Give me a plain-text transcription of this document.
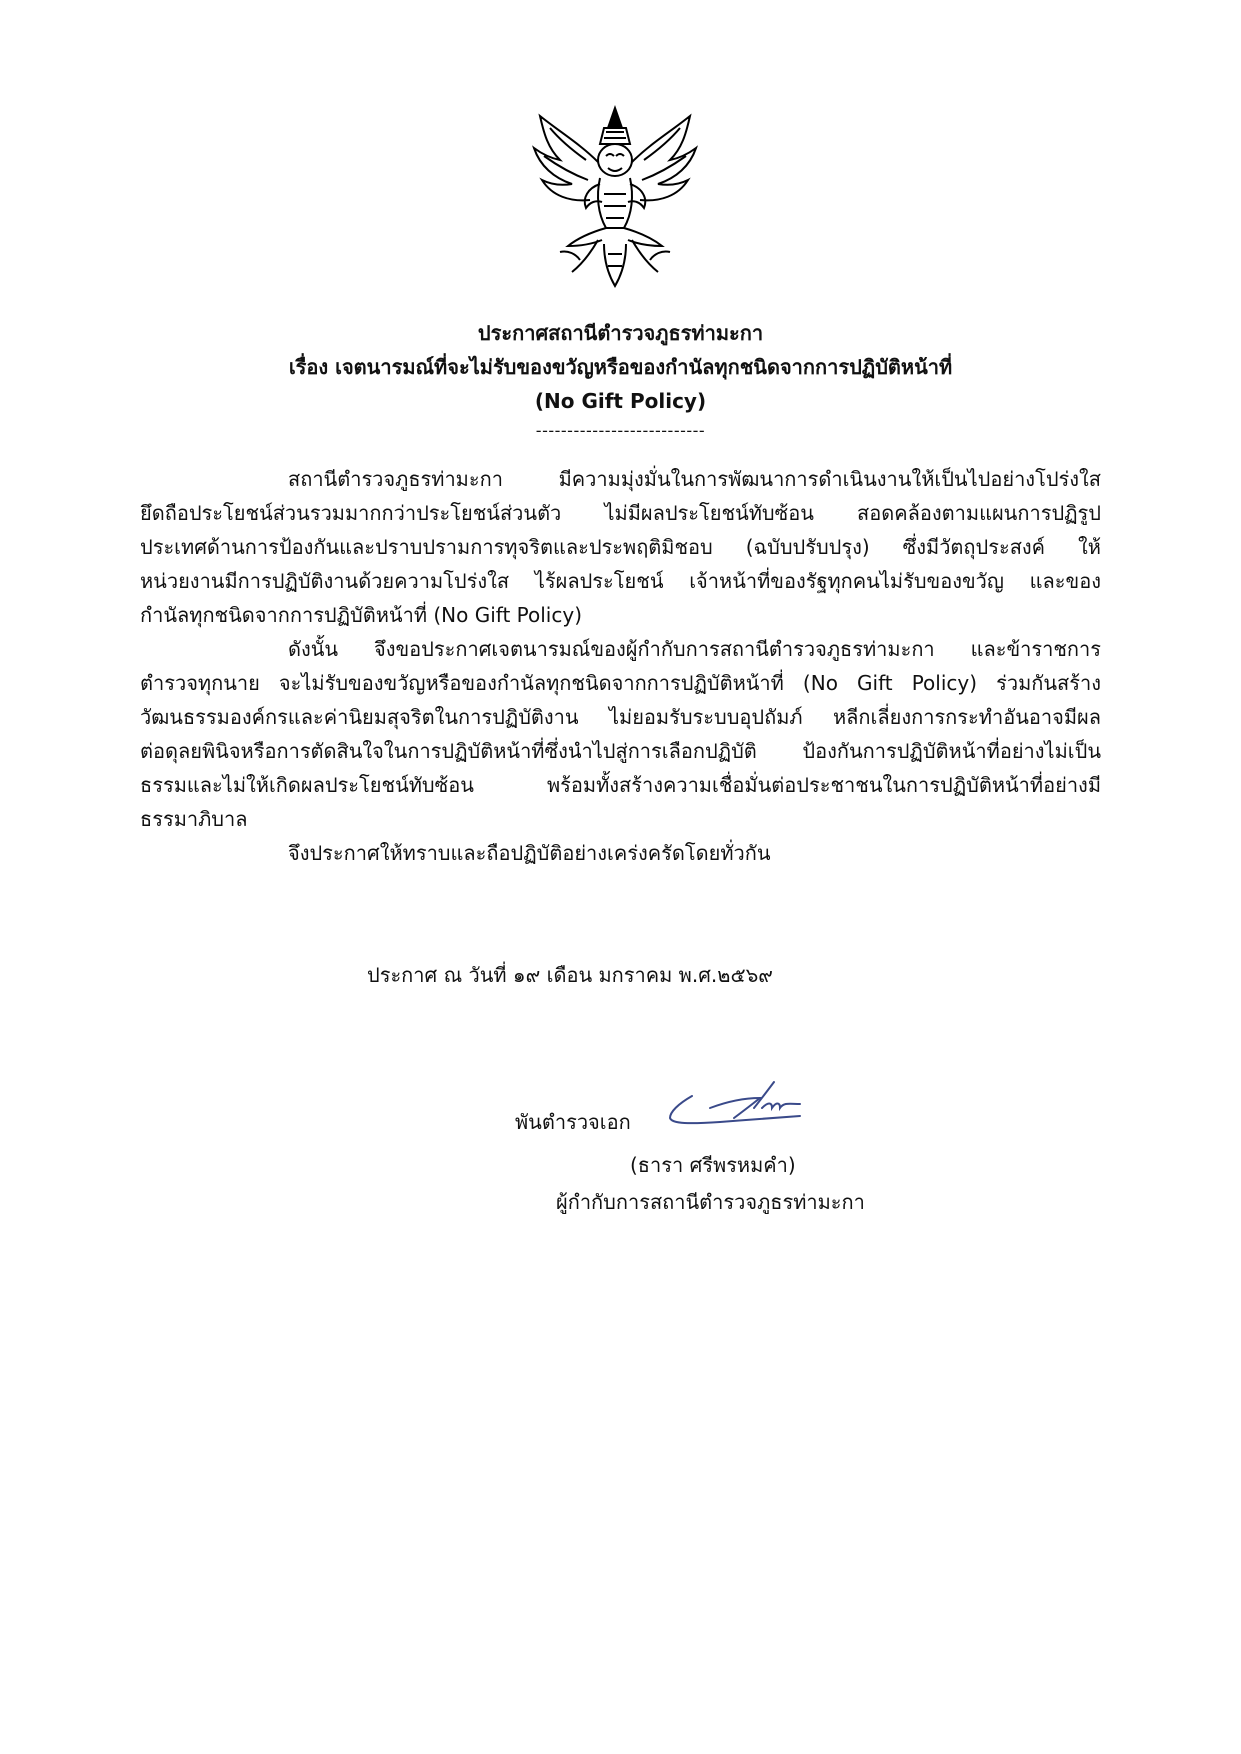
ประกาศสถานีตำรวจภูธรท่ามะกา
เรื่อง เจตนารมณ์ที่จะไม่รับของขวัญหรือของกำนัลทุกชนิดจากการปฏิบัติหน้าที่
(No Gift Policy)
---------------------------
สถานีตำรวจภูธรท่ามะกา มีความมุ่งมั่นในการพัฒนาการดำเนินงานให้เป็นไปอย่างโปร่งใส
ยึดถือประโยชน์ส่วนรวมมากกว่าประโยชน์ส่วนตัว ไม่มีผลประโยชน์ทับซ้อน สอดคล้องตามแผนการปฏิรูป
ประเทศด้านการป้องกันและปราบปรามการทุจริตและประพฤติมิชอบ (ฉบับปรับปรุง) ซึ่งมีวัตถุประสงค์ ให้
หน่วยงานมีการปฏิบัติงานด้วยความโปร่งใส ไร้ผลประโยชน์ เจ้าหน้าที่ของรัฐทุกคนไม่รับของขวัญ และของ
กำนัลทุกชนิดจากการปฏิบัติหน้าที่ (No Gift Policy)
ดังนั้น จึงขอประกาศเจตนารมณ์ของผู้กำกับการสถานีตำรวจภูธรท่ามะกา และข้าราชการ
ตำรวจทุกนาย จะไม่รับของขวัญหรือของกำนัลทุกชนิดจากการปฏิบัติหน้าที่ (No Gift Policy) ร่วมกันสร้าง
วัฒนธรรมองค์กรและค่านิยมสุจริตในการปฏิบัติงาน ไม่ยอมรับระบบอุปถัมภ์ หลีกเลี่ยงการกระทำอันอาจมีผล
ต่อดุลยพินิจหรือการตัดสินใจในการปฏิบัติหน้าที่ซึ่งนำไปสู่การเลือกปฏิบัติ ป้องกันการปฏิบัติหน้าที่อย่างไม่เป็น
ธรรมและไม่ให้เกิดผลประโยชน์ทับซ้อน พร้อมทั้งสร้างความเชื่อมั่นต่อประชาชนในการปฏิบัติหน้าที่อย่างมี
ธรรมาภิบาล
จึงประกาศให้ทราบและถือปฏิบัติอย่างเคร่งครัดโดยทั่วกัน
ประกาศ ณ วันที่ ๑๙ เดือน มกราคม พ.ศ.๒๕๖๙
พันตำรวจเอก
(ธารา ศรีพรหมคำ)
ผู้กำกับการสถานีตำรวจภูธรท่ามะกา
